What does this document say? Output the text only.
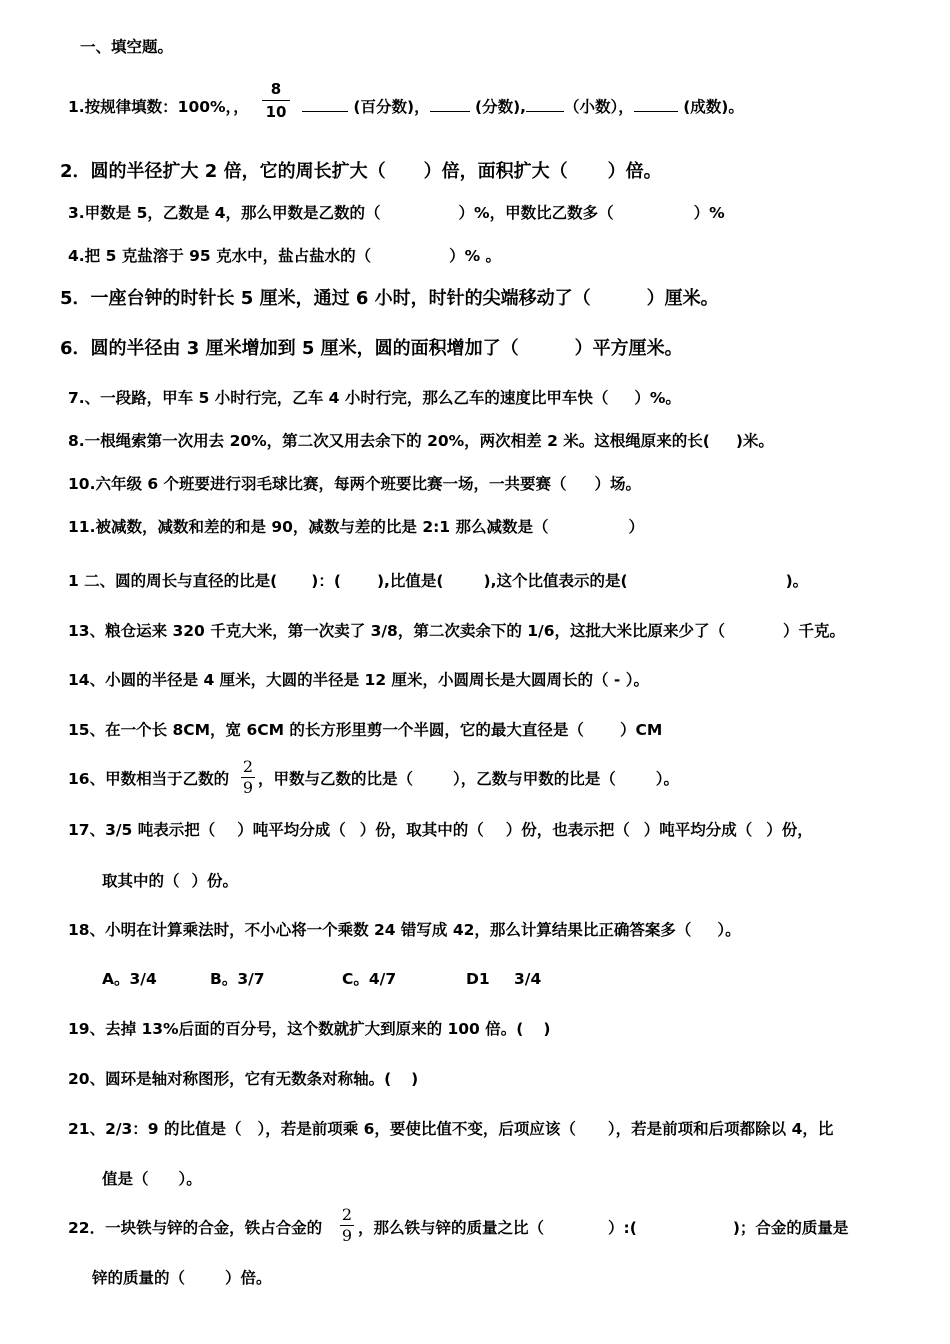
一、填空题。
1.按规律填数：100%，，
8
10	(百分数)，	(分数), （小数），	(成数)。
2．圆的半径扩大 2 倍，它的周长扩大（ ）倍，面积扩大（ ）倍。
3.甲数是 5，乙数是 4，那么甲数是乙数的（	）%，甲数比乙数多（	）%
4.把 5 克盐溶于 95 克水中，盐占盐水的（	）% 。
5．一座台钟的时针长 5 厘米，通过 6 小时，时针的尖端移动了（	）厘米。
6．圆的半径由 3 厘米增加到 5 厘米，圆的面积增加了（	）平方厘米。
7.、一段路，甲车 5 小时行完，乙车 4 小时行完，那么乙车的速度比甲车快（ ）%。
8.一根绳索第一次用去 20%，第二次又用去余下的 20%，两次相差 2 米。这根绳原来的长( )米。
10.六年级 6 个班要进行羽毛球比赛，每两个班要比赛一场，一共要赛（ ）场。
11.被减数，减数和差的和是 90，减数与差的比是 2:1 那么减数是（	）
1 二、圆的周长与直径的比是( )：( ),比值是(	),这个比值表示的是(	)。
13、粮仓运来 320 千克大米，第一次卖了 3/8，第二次卖余下的 1/6，这批大米比原来少了（	）千克。
14、小圆的半径是 4 厘米，大圆的半径是 12 厘米，小圆周长是大圆周长的（ - ）。
15、在一个长 8CM，宽 6CM 的长方形里剪一个半圆，它的最大直径是（ ）CM
16、甲数相当于乙数的
2
9 ，甲数与乙数的比是（	），乙数与甲数的比是（	）。
17、3/5 吨表示把（ ）吨平均分成（ ）份，取其中的（ ）份，也表示把（ ）吨平均分成（ ）份，
取其中的（ ）份。
18、小明在计算乘法时，不小心将一个乘数 24 错写成 42，那么计算结果比正确答案多（ ）。
A。3/4	B。3/7	C。4/7	D1 3/4
19、去掉 13%后面的百分号，这个数就扩大到原来的 100 倍。( )
20、圆环是轴对称图形，它有无数条对称轴。( )
21、2/3：9 的比值是（ ），若是前项乘 6，要使比值不变，后项应该（ ），若是前项和后项都除以 4，比
值是（ ）。
22．一块铁与锌的合金，铁占合金的
2
9 ，那么铁与锌的质量之比（	）:(	)；合金的质量是
锌的质量的（	）倍。
